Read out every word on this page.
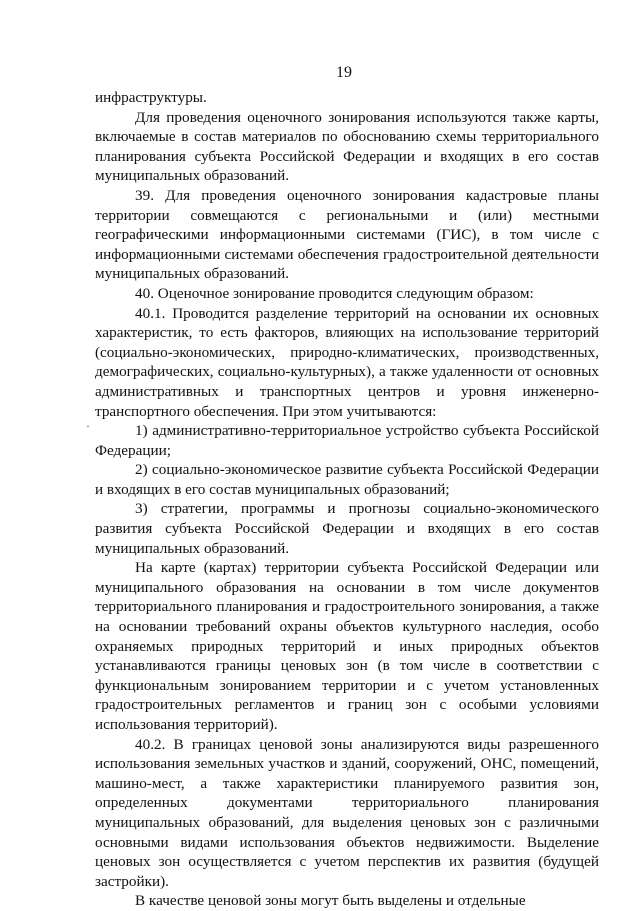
19
·

инфраструктуры.

Для проведения оценочного зонирования используются также карты, включаемые в состав материалов по обоснованию схемы территориального планирования субъекта Российской Федерации и входящих в его состав муниципальных образований.

39. Для проведения оценочного зонирования кадастровые планы территории совмещаются с региональными и (или) местными географическими информационными системами (ГИС), в том числе с информационными системами обеспечения градостроительной деятельности муниципальных образований.

40. Оценочное зонирование проводится следующим образом:

40.1. Проводится разделение территорий на основании их основных характеристик, то есть факторов, влияющих на использование территорий (социально-экономических, природно-климатических, производственных, демографических, социально-культурных), а также удаленности от основных административных и транспортных центров и уровня инженерно-транспортного обеспечения. При этом учитываются:

1) административно-территориальное устройство субъекта Российской Федерации;

2) социально-экономическое развитие субъекта Российской Федерации и входящих в его состав муниципальных образований;

3) стратегии, программы и прогнозы социально-экономического развития субъекта Российской Федерации и входящих в его состав муниципальных образований.

На карте (картах) территории субъекта Российской Федерации или муниципального образования на основании в том числе документов территориального планирования и градостроительного зонирования, а также на основании требований охраны объектов культурного наследия, особо охраняемых природных территорий и иных природных объектов устанавливаются границы ценовых зон (в том числе в соответствии с функциональным зонированием территории и с учетом установленных градостроительных регламентов и границ зон с особыми условиями использования территорий).

40.2. В границах ценовой зоны анализируются виды разрешенного использования земельных участков и зданий, сооружений, ОНС, помещений, машино-мест, а также характеристики планируемого развития зон, определенных документами территориального планирования муниципальных образований, для выделения ценовых зон с различными основными видами использования объектов недвижимости. Выделение ценовых зон осуществляется с учетом перспектив их развития (будущей застройки).

В качестве ценовой зоны могут быть выделены и отдельные
